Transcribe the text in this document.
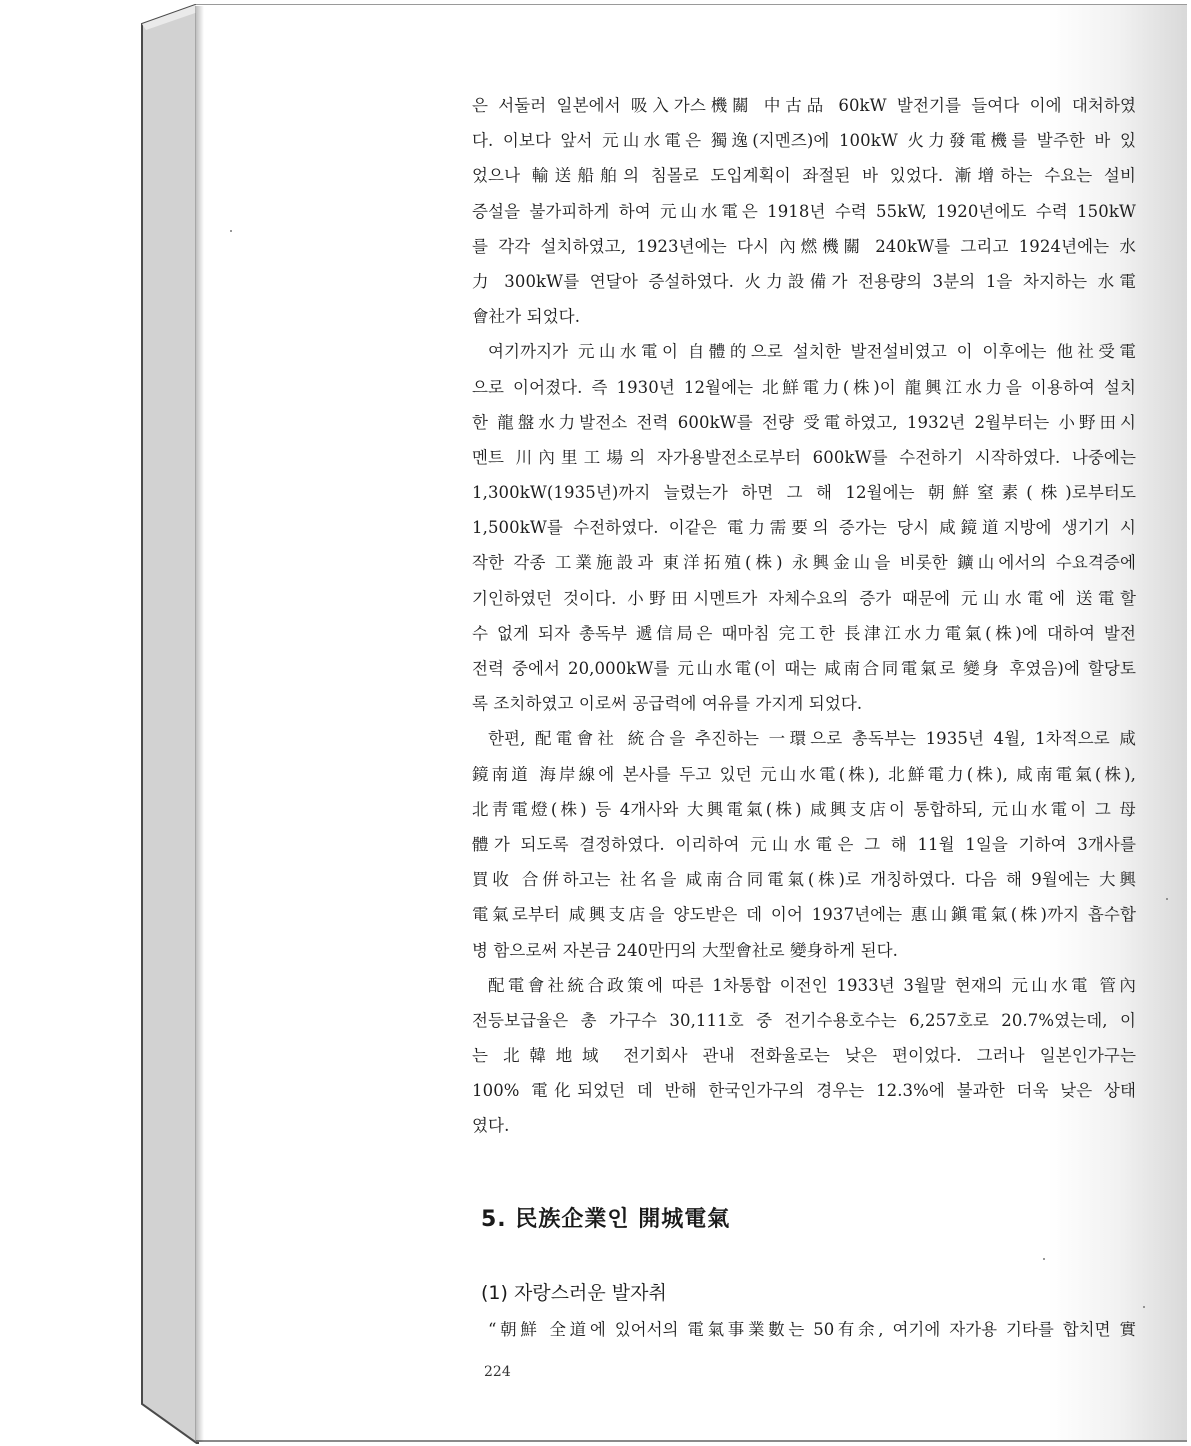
은 서둘러 일본에서 吸入가스機關 中古品 60kW 발전기를 들여다 이에 대처하였
다. 이보다 앞서 元山水電은 獨逸(지멘즈)에 100kW 火力發電機를 발주한 바 있
었으나 輸送船舶의 침몰로 도입계획이 좌절된 바 있었다. 漸增하는 수요는 설비
증설을 불가피하게 하여 元山水電은 1918년 수력 55kW, 1920년에도 수력 150kW
를 각각 설치하였고, 1923년에는 다시 內燃機關 240kW를 그리고 1924년에는 水
力 300kW를 연달아 증설하였다. 火力設備가 전용량의 3분의 1을 차지하는 水電
會社가 되었다.
여기까지가 元山水電이 自體的으로 설치한 발전설비였고 이 이후에는 他社受電
으로 이어졌다. 즉 1930년 12월에는 北鮮電力(株)이 龍興江水力을 이용하여 설치
한 龍盤水力발전소 전력 600kW를 전량 受電하였고, 1932년 2월부터는 小野田시
멘트 川內里工場의 자가용발전소로부터 600kW를 수전하기 시작하였다. 나중에는
1,300kW(1935년)까지 늘렸는가 하면 그 해 12월에는 朝鮮窒素(株)로부터도
1,500kW를 수전하였다. 이같은 電力需要의 증가는 당시 咸鏡道지방에 생기기 시
작한 각종 工業施設과 東洋拓殖(株) 永興金山을 비롯한 鑛山에서의 수요격증에
기인하였던 것이다. 小野田시멘트가 자체수요의 증가 때문에 元山水電에 送電할
수 없게 되자 총독부 遞信局은 때마침 完工한 長津江水力電氣(株)에 대하여 발전
전력 중에서 20,000kW를 元山水電(이 때는 咸南合同電氣로 變身 후였음)에 할당토
록 조치하였고 이로써 공급력에 여유를 가지게 되었다.
한편, 配電會社 統合을 추진하는 一環으로 총독부는 1935년 4월, 1차적으로 咸
鏡南道 海岸線에 본사를 두고 있던 元山水電(株), 北鮮電力(株), 咸南電氣(株),
北靑電燈(株) 등 4개사와 大興電氣(株) 咸興支店이 통합하되, 元山水電이 그 母
體가 되도록 결정하였다. 이리하여 元山水電은 그 해 11월 1일을 기하여 3개사를
買收 合倂하고는 社名을 咸南合同電氣(株)로 개칭하였다. 다음 해 9월에는 大興
電氣로부터 咸興支店을 양도받은 데 이어 1937년에는 惠山鎭電氣(株)까지 흡수합
병 함으로써 자본금 240만円의 大型會社로 變身하게 된다.
配電會社統合政策에 따른 1차통합 이전인 1933년 3월말 현재의 元山水電 管內
전등보급율은 총 가구수 30,111호 중 전기수용호수는 6,257호로 20.7%였는데, 이
는 北韓地域 전기회사 관내 전화율로는 낮은 편이었다. 그러나 일본인가구는
100% 電化되었던 데 반해 한국인가구의 경우는 12.3%에 불과한 더욱 낮은 상태
였다.
5. 民族企業인 開城電氣
(1) 자랑스러운 발자취
“朝鮮 全道에 있어서의 電氣事業數는 50有余, 여기에 자가용 기타를 합치면 實
224
